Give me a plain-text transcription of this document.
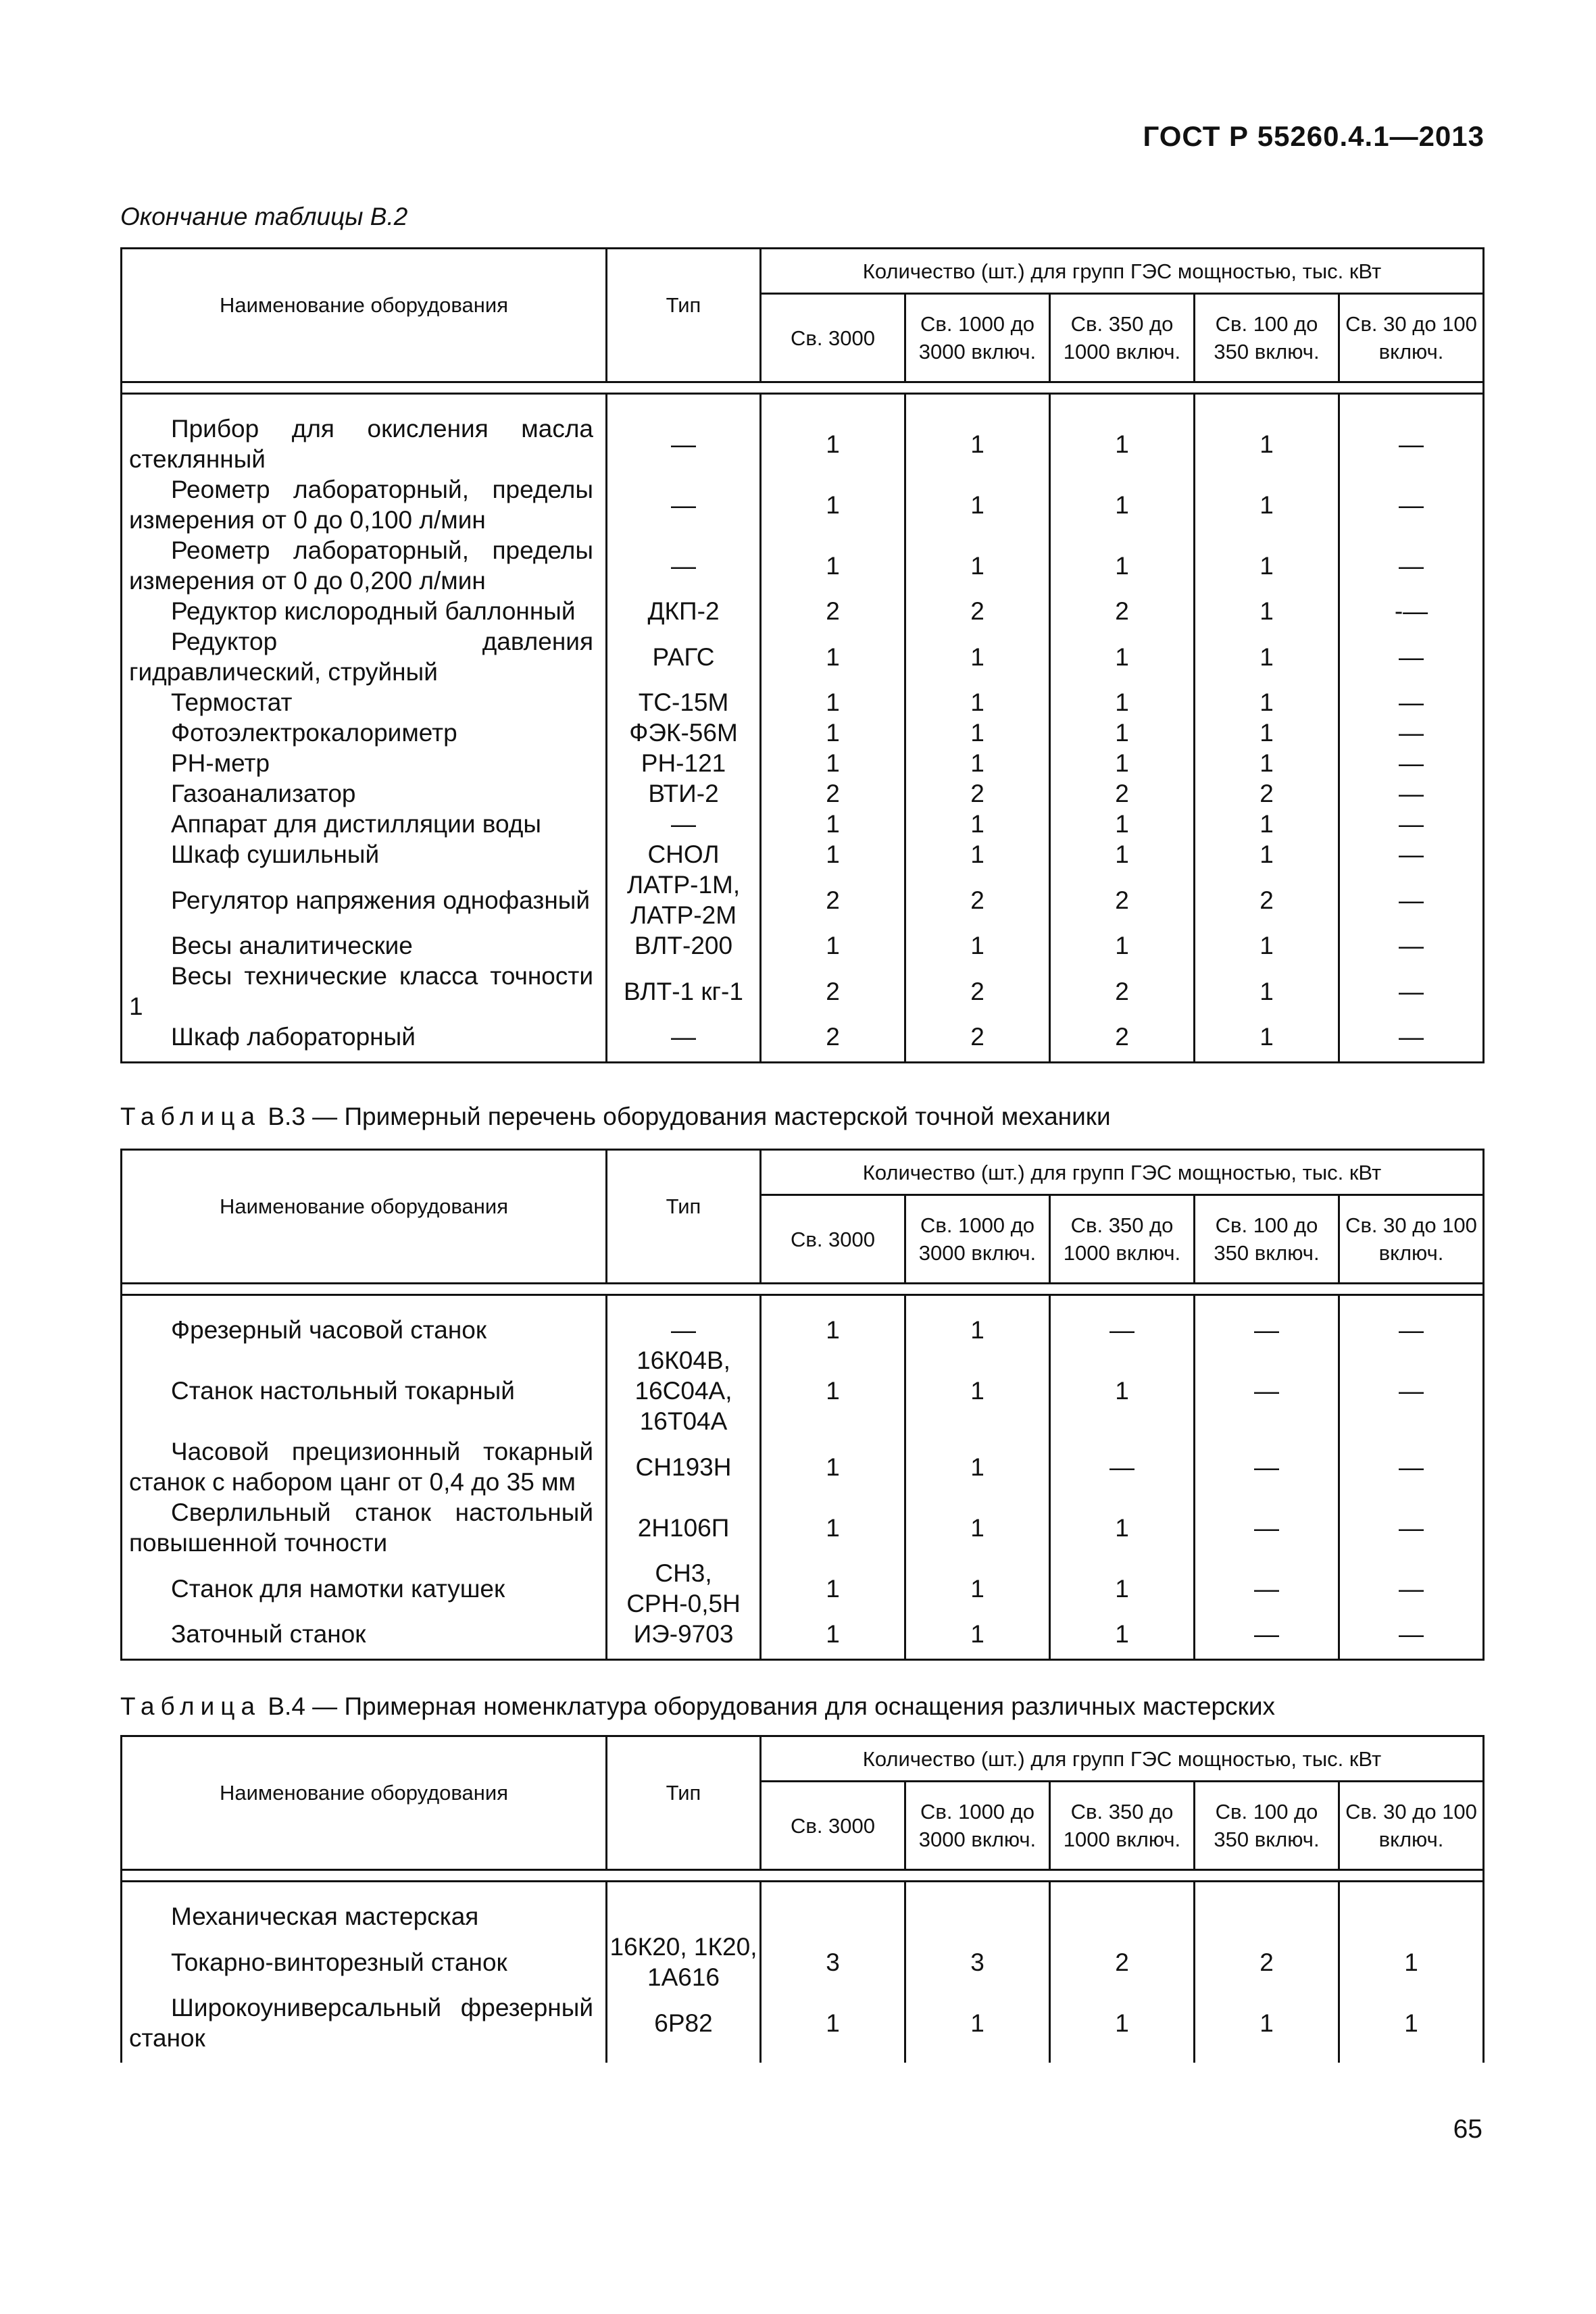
ГОСТ Р 55260.4.1—2013
Окончание таблицы В.2
Наименование оборудования	Тип	Количество (шт.) для групп ГЭС мощностью, тыс. кВт				
		Св. 3000	Св. 1000 до 3000 включ.	Св. 350 до 1000 включ.	Св. 100 до 350 включ.	Св. 30 до 100 включ.

Прибор для окисления масла стеклянный	—	1	1	1	1	—
Реометр лабораторный, пределы измерения от 0 до 0,100 л/мин	—	1	1	1	1	—
Реометр лабораторный, пределы измерения от 0 до 0,200 л/мин	—	1	1	1	1	—
Редуктор кислородный баллонный	ДКП-2	2	2	2	1	-—
Редуктор давления гидравлический, струйный	РАГС	1	1	1	1	—
Термостат	ТС-15М	1	1	1	1	—
Фотоэлектрокалориметр	ФЭК-56М	1	1	1	1	—
РН-метр	РН-121	1	1	1	1	—
Газоанализатор	ВТИ-2	2	2	2	2	—
Аппарат для дистилляции воды	—	1	1	1	1	—
Шкаф сушильный	СНОЛ	1	1	1	1	—
Регулятор напряжения однофазный	ЛАТР-1М, ЛАТР-2М	2	2	2	2	—
Весы аналитические	ВЛТ-200	1	1	1	1	—
Весы технические класса точности 1	ВЛТ-1 кг-1	2	2	2	1	—
Шкаф лабораторный	—	2	2	2	1	—
Таблица В.3 — Примерный перечень оборудования мастерской точной механики
Наименование оборудования	Тип	Количество (шт.) для групп ГЭС мощностью, тыс. кВт				
		Св. 3000	Св. 1000 до 3000 включ.	Св. 350 до 1000 включ.	Св. 100 до 350 включ.	Св. 30 до 100 включ.

Фрезерный часовой станок	—	1	1	—	—	—
Станок настольный токарный	16К04В, 16С04А, 16Т04А	1	1	1	—	—
Часовой прецизионный токарный станок с набором цанг от 0,4 до 35 мм	СН193Н	1	1	—	—	—
Сверлильный станок настольный повышенной точности	2Н106П	1	1	1	—	—
Станок для намотки катушек	СН3, СРН-0,5Н	1	1	1	—	—
Заточный станок	ИЭ-9703	1	1	1	—	—
Таблица В.4 — Примерная номенклатура оборудования для оснащения различных мастерских
Наименование оборудования	Тип	Количество (шт.) для групп ГЭС мощностью, тыс. кВт				
		Св. 3000	Св. 1000 до 3000 включ.	Св. 350 до 1000 включ.	Св. 100 до 350 включ.	Св. 30 до 100 включ.

Механическая мастерская						
Токарно-винторезный станок	16К20, 1К20, 1А616	3	3	2	2	1
Широкоуниверсальный фрезерный станок	6Р82	1	1	1	1	1
65
